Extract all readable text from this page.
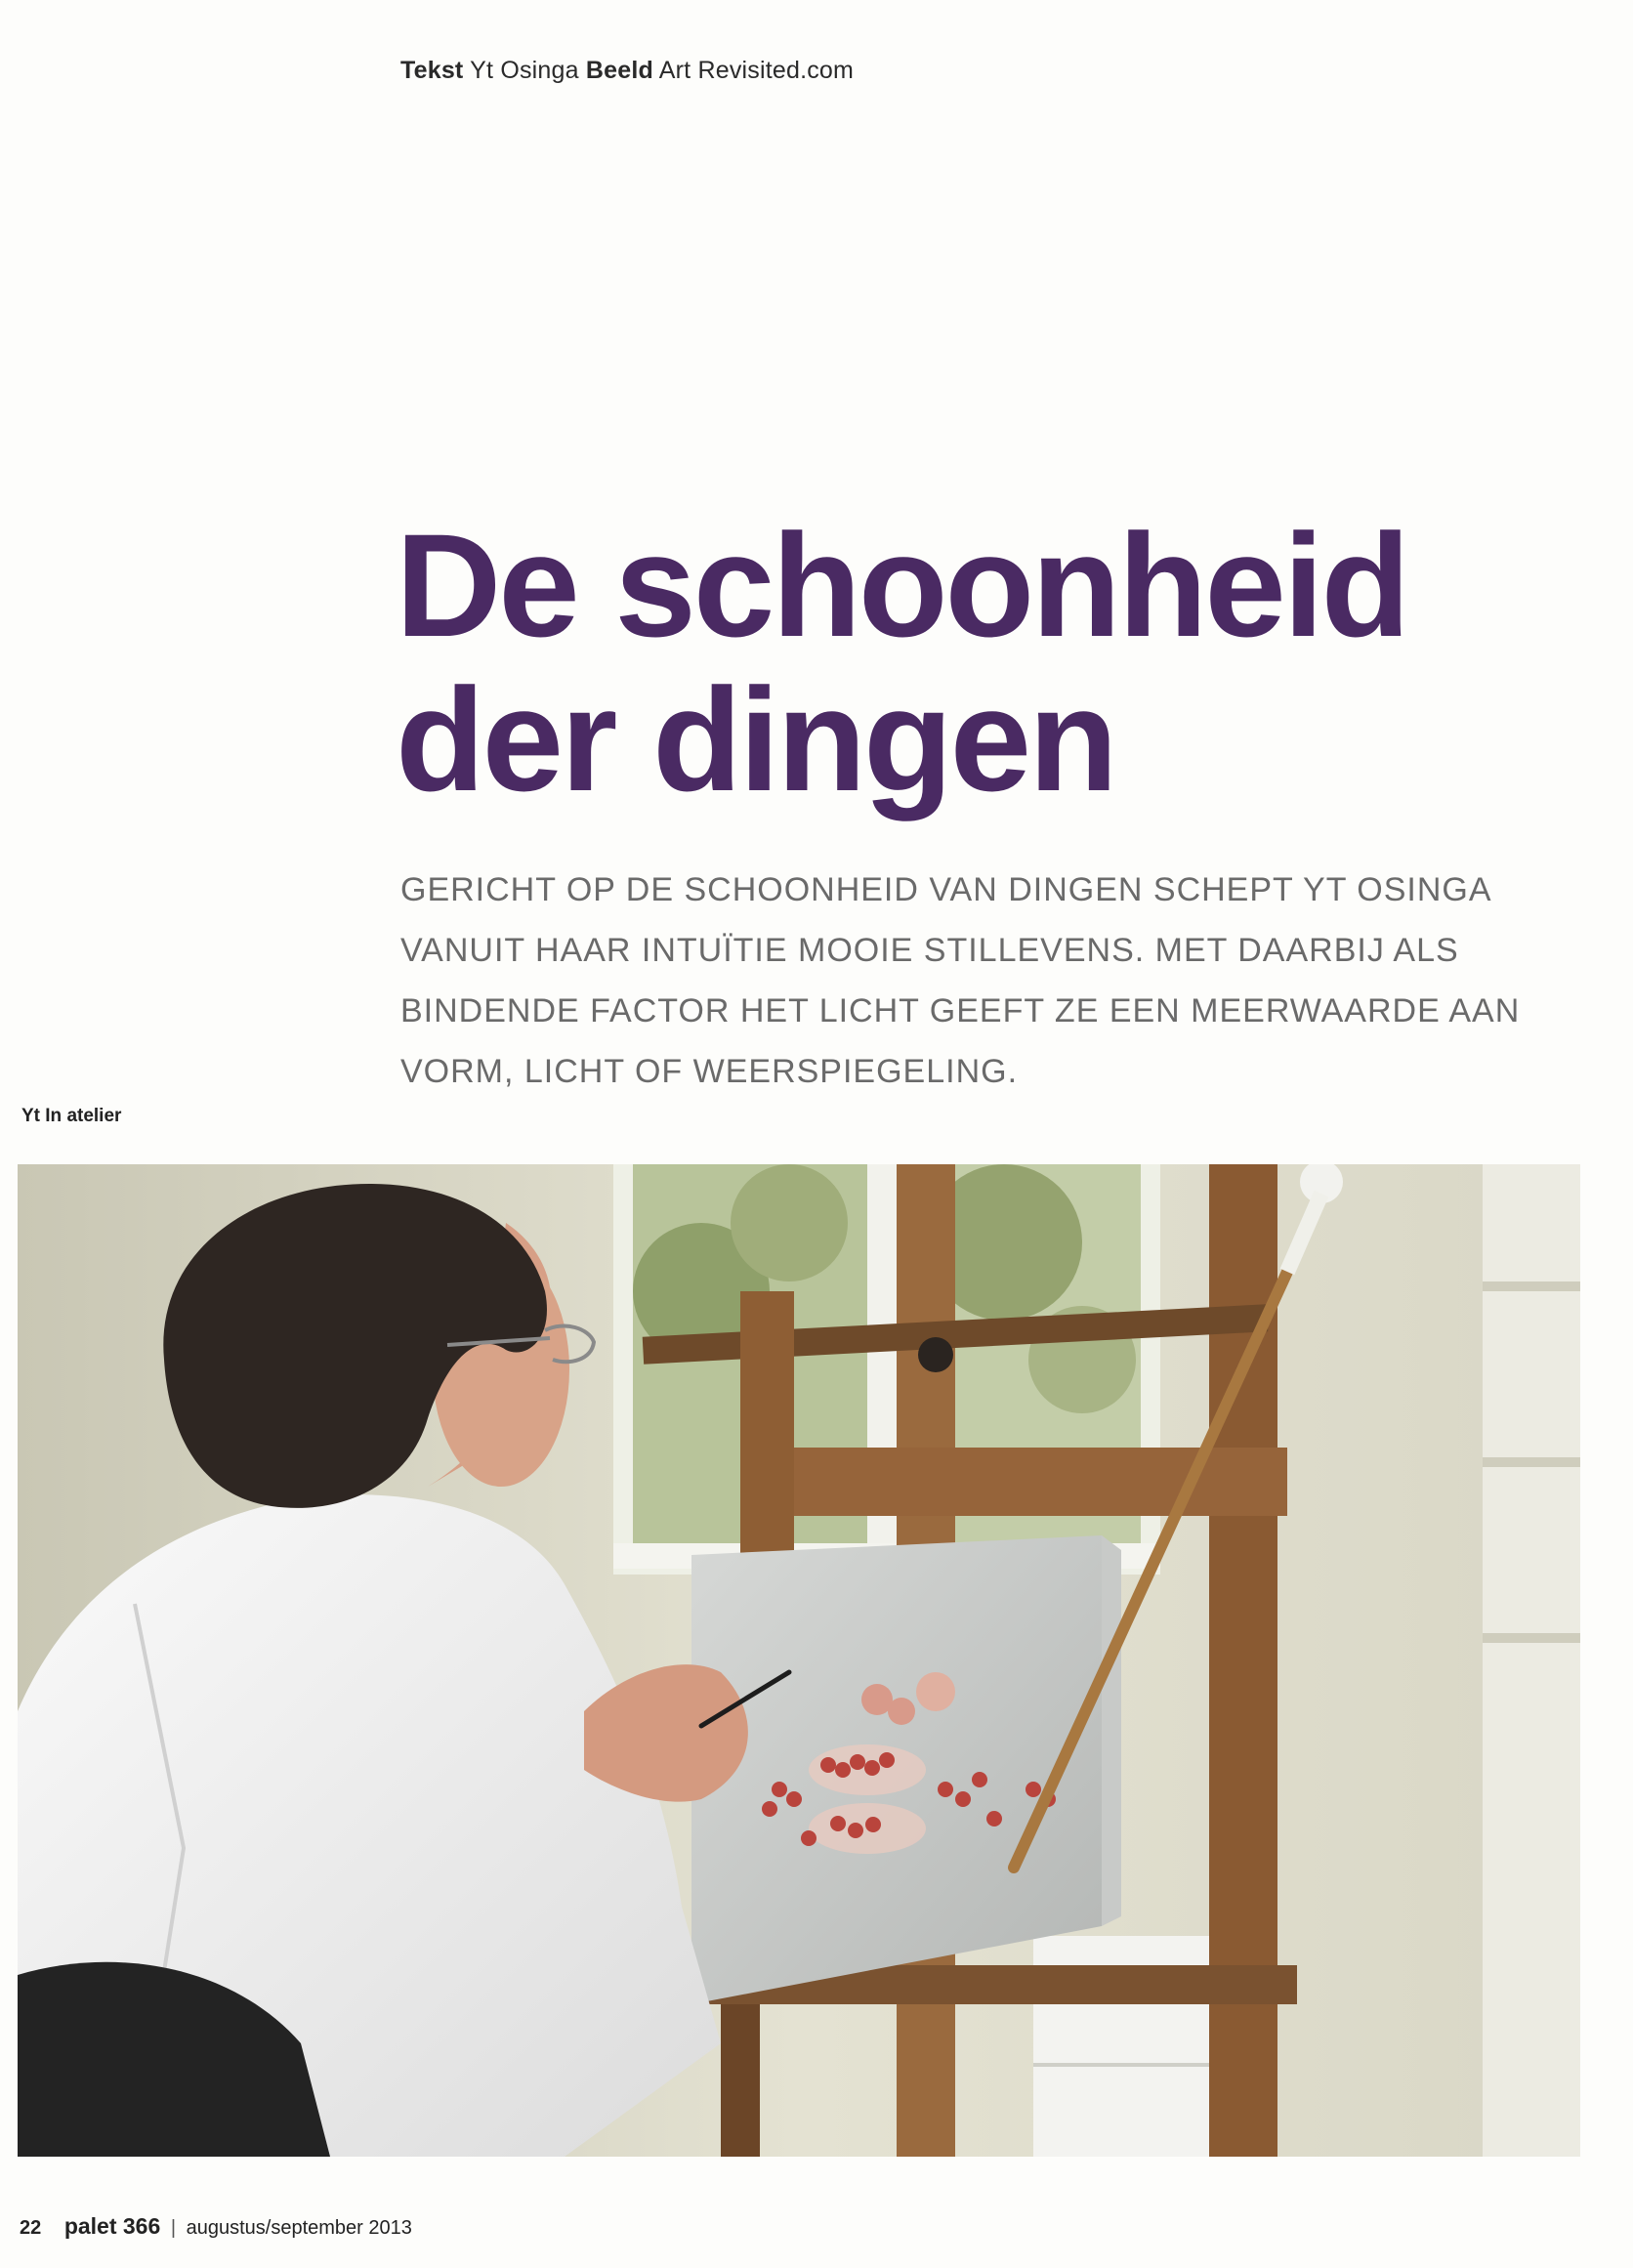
Tekst Yt Osinga Beeld Art Revisited.com
De schoonheid
der dingen

GERICHT OP DE SCHOONHEID VAN DINGEN SCHEPT YT OSINGA
VANUIT HAAR INTUÏTIE MOOIE STILLEVENS. MET DAARBIJ ALS
BINDENDE FACTOR HET LICHT GEEFT ZE EEN MEERWAARDE AAN
VORM, LICHT OF WEERSPIEGELING.

Yt In atelier
22 palet 366 | augustus/september 2013
